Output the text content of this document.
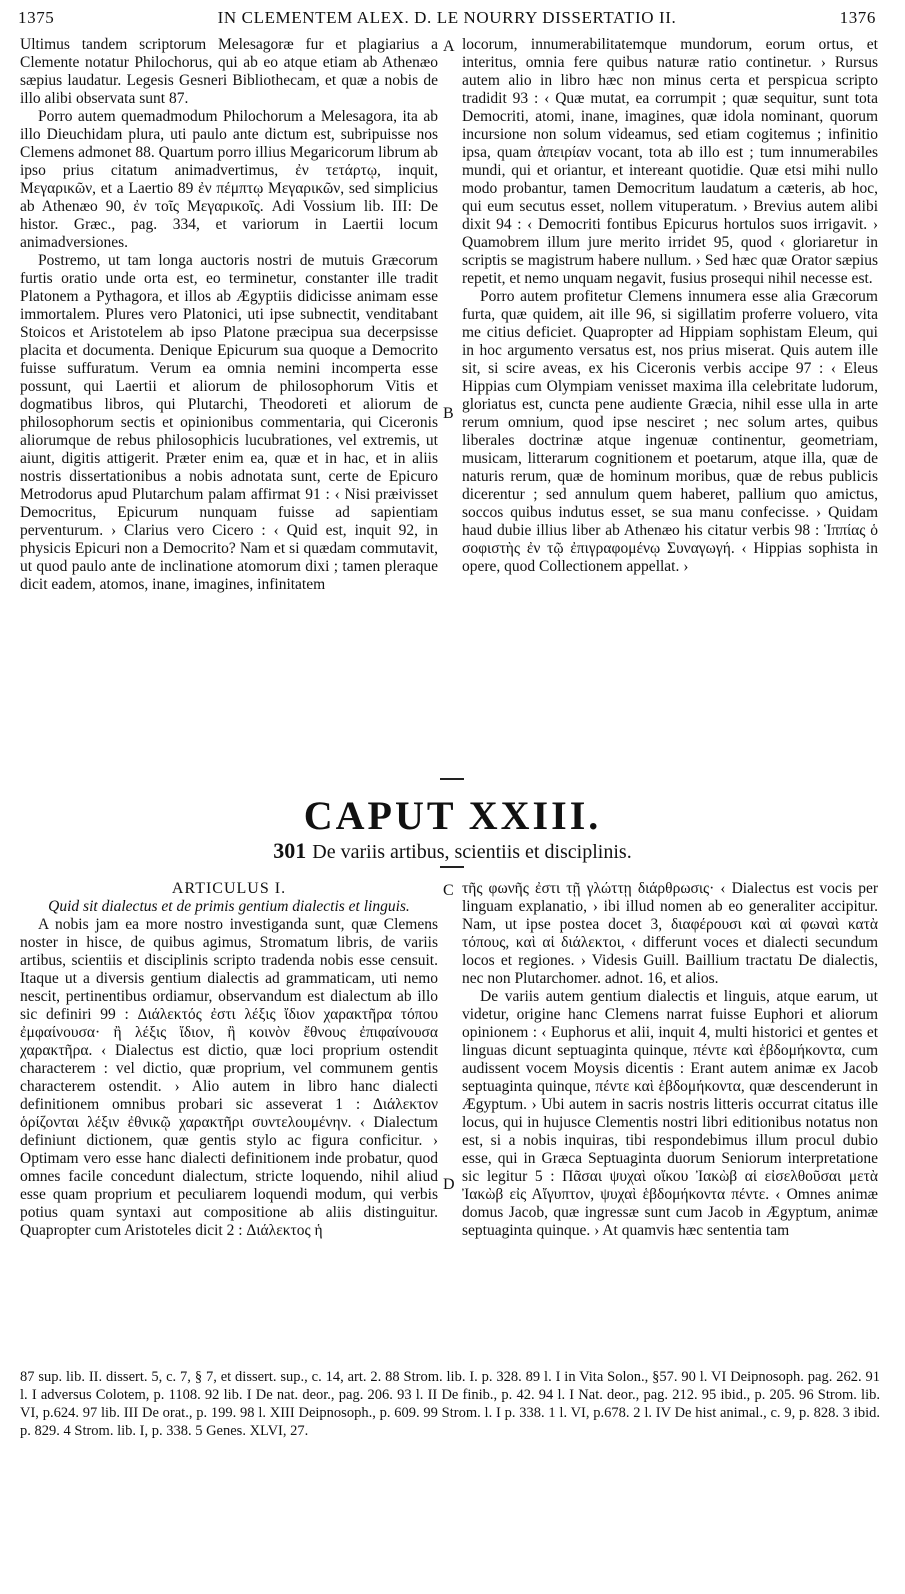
1375	IN CLEMENTEM ALEX. D. LE NOURRY DISSERTATIO II.	1376
A
B
C
D

Ultimus tandem scriptorum Melesagoræ fur et plagiarius a Clemente notatur Philochorus, qui ab eo atque etiam ab Athenæo sæpius laudatur. Legesis Gesneri Bibliothecam, et quæ a nobis de illo alibi observata sunt 87.

Porro autem quemadmodum Philochorum a Melesagora, ita ab illo Dieuchidam plura, uti paulo ante dictum est, subripuisse nos Clemens admonet 88. Quartum porro illius Megaricorum librum ab ipso prius citatum animadvertimus, ἐν τετάρτῳ, inquit, Μεγαρικῶν, et a Laertio 89 ἐν πέμπτῳ Μεγαρικῶν, sed simplicius ab Athenæo 90, ἐν τοῖς Μεγαρικοῖς. Adi Vossium lib. III: De histor. Græc., pag. 334, et variorum in Laertii locum animadversiones.

Postremo, ut tam longa auctoris nostri de mutuis Græcorum furtis oratio unde orta est, eo terminetur, constanter ille tradit Platonem a Pythagora, et illos ab Ægyptiis didicisse animam esse immortalem. Plures vero Platonici, uti ipse subnectit, venditabant Stoicos et Aristotelem ab ipso Platone præcipua sua decerpsisse placita et documenta. Denique Epicurum sua quoque a Democrito fuisse suffuratum. Verum ea omnia nemini incomperta esse possunt, qui Laertii et aliorum de philosophorum Vitis et dogmatibus libros, qui Plutarchi, Theodoreti et aliorum de philosophorum sectis et opinionibus commentaria, qui Ciceronis aliorumque de rebus philosophicis lucubrationes, vel extremis, ut aiunt, digitis attigerit. Præter enim ea, quæ et in hac, et in aliis nostris dissertationibus a nobis adnotata sunt, certe de Epicuro Metrodorus apud Plutarchum palam affirmat 91 : ‹ Nisi præivisset Democritus, Epicurum nunquam fuisse ad sapientiam perventurum. › Clarius vero Cicero : ‹ Quid est, inquit 92, in physicis Epicuri non a Democrito? Nam et si quædam commutavit, ut quod paulo ante de inclinatione atomorum dixi ; tamen pleraque dicit eadem, atomos, inane, imagines, infinitatem

locorum, innumerabilitatemque mundorum, eorum ortus, et interitus, omnia fere quibus naturæ ratio continetur. › Rursus autem alio in libro hæc non minus certa et perspicua scripto tradidit 93 : ‹ Quæ mutat, ea corrumpit ; quæ sequitur, sunt tota Democriti, atomi, inane, imagines, quæ idola nominant, quorum incursione non solum videamus, sed etiam cogitemus ; infinitio ipsa, quam ἀπειρίαν vocant, tota ab illo est ; tum innumerabiles mundi, qui et oriantur, et intereant quotidie. Quæ etsi mihi nullo modo probantur, tamen Democritum laudatum a cæteris, ab hoc, qui eum secutus esset, nollem vituperatum. › Brevius autem alibi dixit 94 : ‹ Democriti fontibus Epicurus hortulos suos irrigavit. › Quamobrem illum jure merito irridet 95, quod ‹ gloriaretur in scriptis se magistrum habere nullum. › Sed hæc quæ Orator sæpius repetit, et nemo unquam negavit, fusius prosequi nihil necesse est.

Porro autem profitetur Clemens innumera esse alia Græcorum furta, quæ quidem, ait ille 96, si sigillatim proferre voluero, vita me citius deficiet. Quapropter ad Hippiam sophistam Eleum, qui in hoc argumento versatus est, nos prius miserat. Quis autem ille sit, si scire aveas, ex his Ciceronis verbis accipe 97 : ‹ Eleus Hippias cum Olympiam venisset maxima illa celebritate ludorum, gloriatus est, cuncta pene audiente Græcia, nihil esse ulla in arte rerum omnium, quod ipse nesciret ; nec solum artes, quibus liberales doctrinæ atque ingenuæ continentur, geometriam, musicam, litterarum cognitionem et poetarum, atque illa, quæ de naturis rerum, quæ de hominum moribus, quæ de rebus publicis dicerentur ; sed annulum quem haberet, pallium quo amictus, soccos quibus indutus esset, se sua manu confecisse. › Quidam haud dubie illius liber ab Athenæo his citatur verbis 98 : Ἱππίας ὁ σοφιστὴς ἐν τῷ ἐπιγραφομένῳ Συναγωγή. ‹ Hippias sophista in opere, quod Collectionem appellat. ›

CAPUT XXIII.
301 De variis artibus, scientiis et disciplinis.

ARTICULUS I.

Quid sit dialectus et de primis gentium dialectis et linguis.

A nobis jam ea more nostro investiganda sunt, quæ Clemens noster in hisce, de quibus agimus, Stromatum libris, de variis artibus, scientiis et disciplinis scripto tradenda nobis esse censuit. Itaque ut a diversis gentium dialectis ad grammaticam, uti nemo nescit, pertinentibus ordiamur, observandum est dialectum ab illo sic definiri 99 : Διάλεκτός ἐστι λέξις ἴδιον χαρακτῆρα τόπου ἐμφαίνουσα· ἢ λέξις ἴδιον, ἢ κοινὸν ἔθνους ἐπιφαίνουσα χαρακτῆρα. ‹ Dialectus est dictio, quæ loci proprium ostendit characterem : vel dictio, quæ proprium, vel communem gentis characterem ostendit. › Alio autem in libro hanc dialecti definitionem omnibus probari sic asseverat 1 : Διάλεκτον ὁρίζονται λέξιν ἐθνικῷ χαρακτῆρι συντελουμένην. ‹ Dialectum definiunt dictionem, quæ gentis stylo ac figura conficitur. › Optimam vero esse hanc dialecti definitionem inde probatur, quod omnes facile concedunt dialectum, stricte loquendo, nihil aliud esse quam proprium et peculiarem loquendi modum, qui verbis potius quam syntaxi aut compositione ab aliis distinguitur. Quapropter cum Aristoteles dicit 2 : Διάλεκτος ἡ

τῆς φωνῆς ἐστι τῇ γλώττῃ διάρθρωσις· ‹ Dialectus est vocis per linguam explanatio, › ibi illud nomen ab eo generaliter accipitur. Nam, ut ipse postea docet 3, διαφέρουσι καὶ αἱ φωναὶ κατὰ τόπους, καὶ αἱ διάλεκτοι, ‹ differunt voces et dialecti secundum locos et regiones. › Videsis Guill. Baillium tractatu De dialectis, nec non Plutarchomer. adnot. 16, et alios.

De variis autem gentium dialectis et linguis, atque earum, ut videtur, origine hanc Clemens narrat fuisse Euphori et aliorum opinionem : ‹ Euphorus et alii, inquit 4, multi historici et gentes et linguas dicunt septuaginta quinque, πέντε καὶ ἑβδομήκοντα, cum audissent vocem Moysis dicentis : Erant autem animæ ex Jacob septuaginta quinque, πέντε καὶ ἑβδομήκοντα, quæ descenderunt in Ægyptum. › Ubi autem in sacris nostris litteris occurrat citatus ille locus, qui in hujusce Clementis nostri libri editionibus notatus non est, si a nobis inquiras, tibi respondebimus illum procul dubio esse, qui in Græca Septuaginta duorum Seniorum interpretatione sic legitur 5 : Πᾶσαι ψυχαὶ οἴκου Ἰακὼβ αἱ εἰσελθοῦσαι μετὰ Ἰακὼβ εἰς Αἴγυπτον, ψυχαὶ ἑβδομήκοντα πέντε. ‹ Omnes animæ domus Jacob, quæ ingressæ sunt cum Jacob in Ægyptum, animæ septuaginta quinque. › At quamvis hæc sententia tam

87 sup. lib. II. dissert. 5, c. 7, § 7, et dissert. sup., c. 14, art. 2. 88 Strom. lib. I. p. 328. 89 l. I in Vita Solon., §57. 90 l. VI Deipnosoph. pag. 262. 91 l. I adversus Colotem, p. 1108. 92 lib. I De nat. deor., pag. 206. 93 l. II De finib., p. 42. 94 l. I Nat. deor., pag. 212. 95 ibid., p. 205. 96 Strom. lib. VI, p.624. 97 lib. III De orat., p. 199. 98 l. XIII Deipnosoph., p. 609. 99 Strom. l. I p. 338. 1 l. VI, p.678. 2 l. IV De hist animal., c. 9, p. 828. 3 ibid. p. 829. 4 Strom. lib. I, p. 338. 5 Genes. XLVI, 27.
